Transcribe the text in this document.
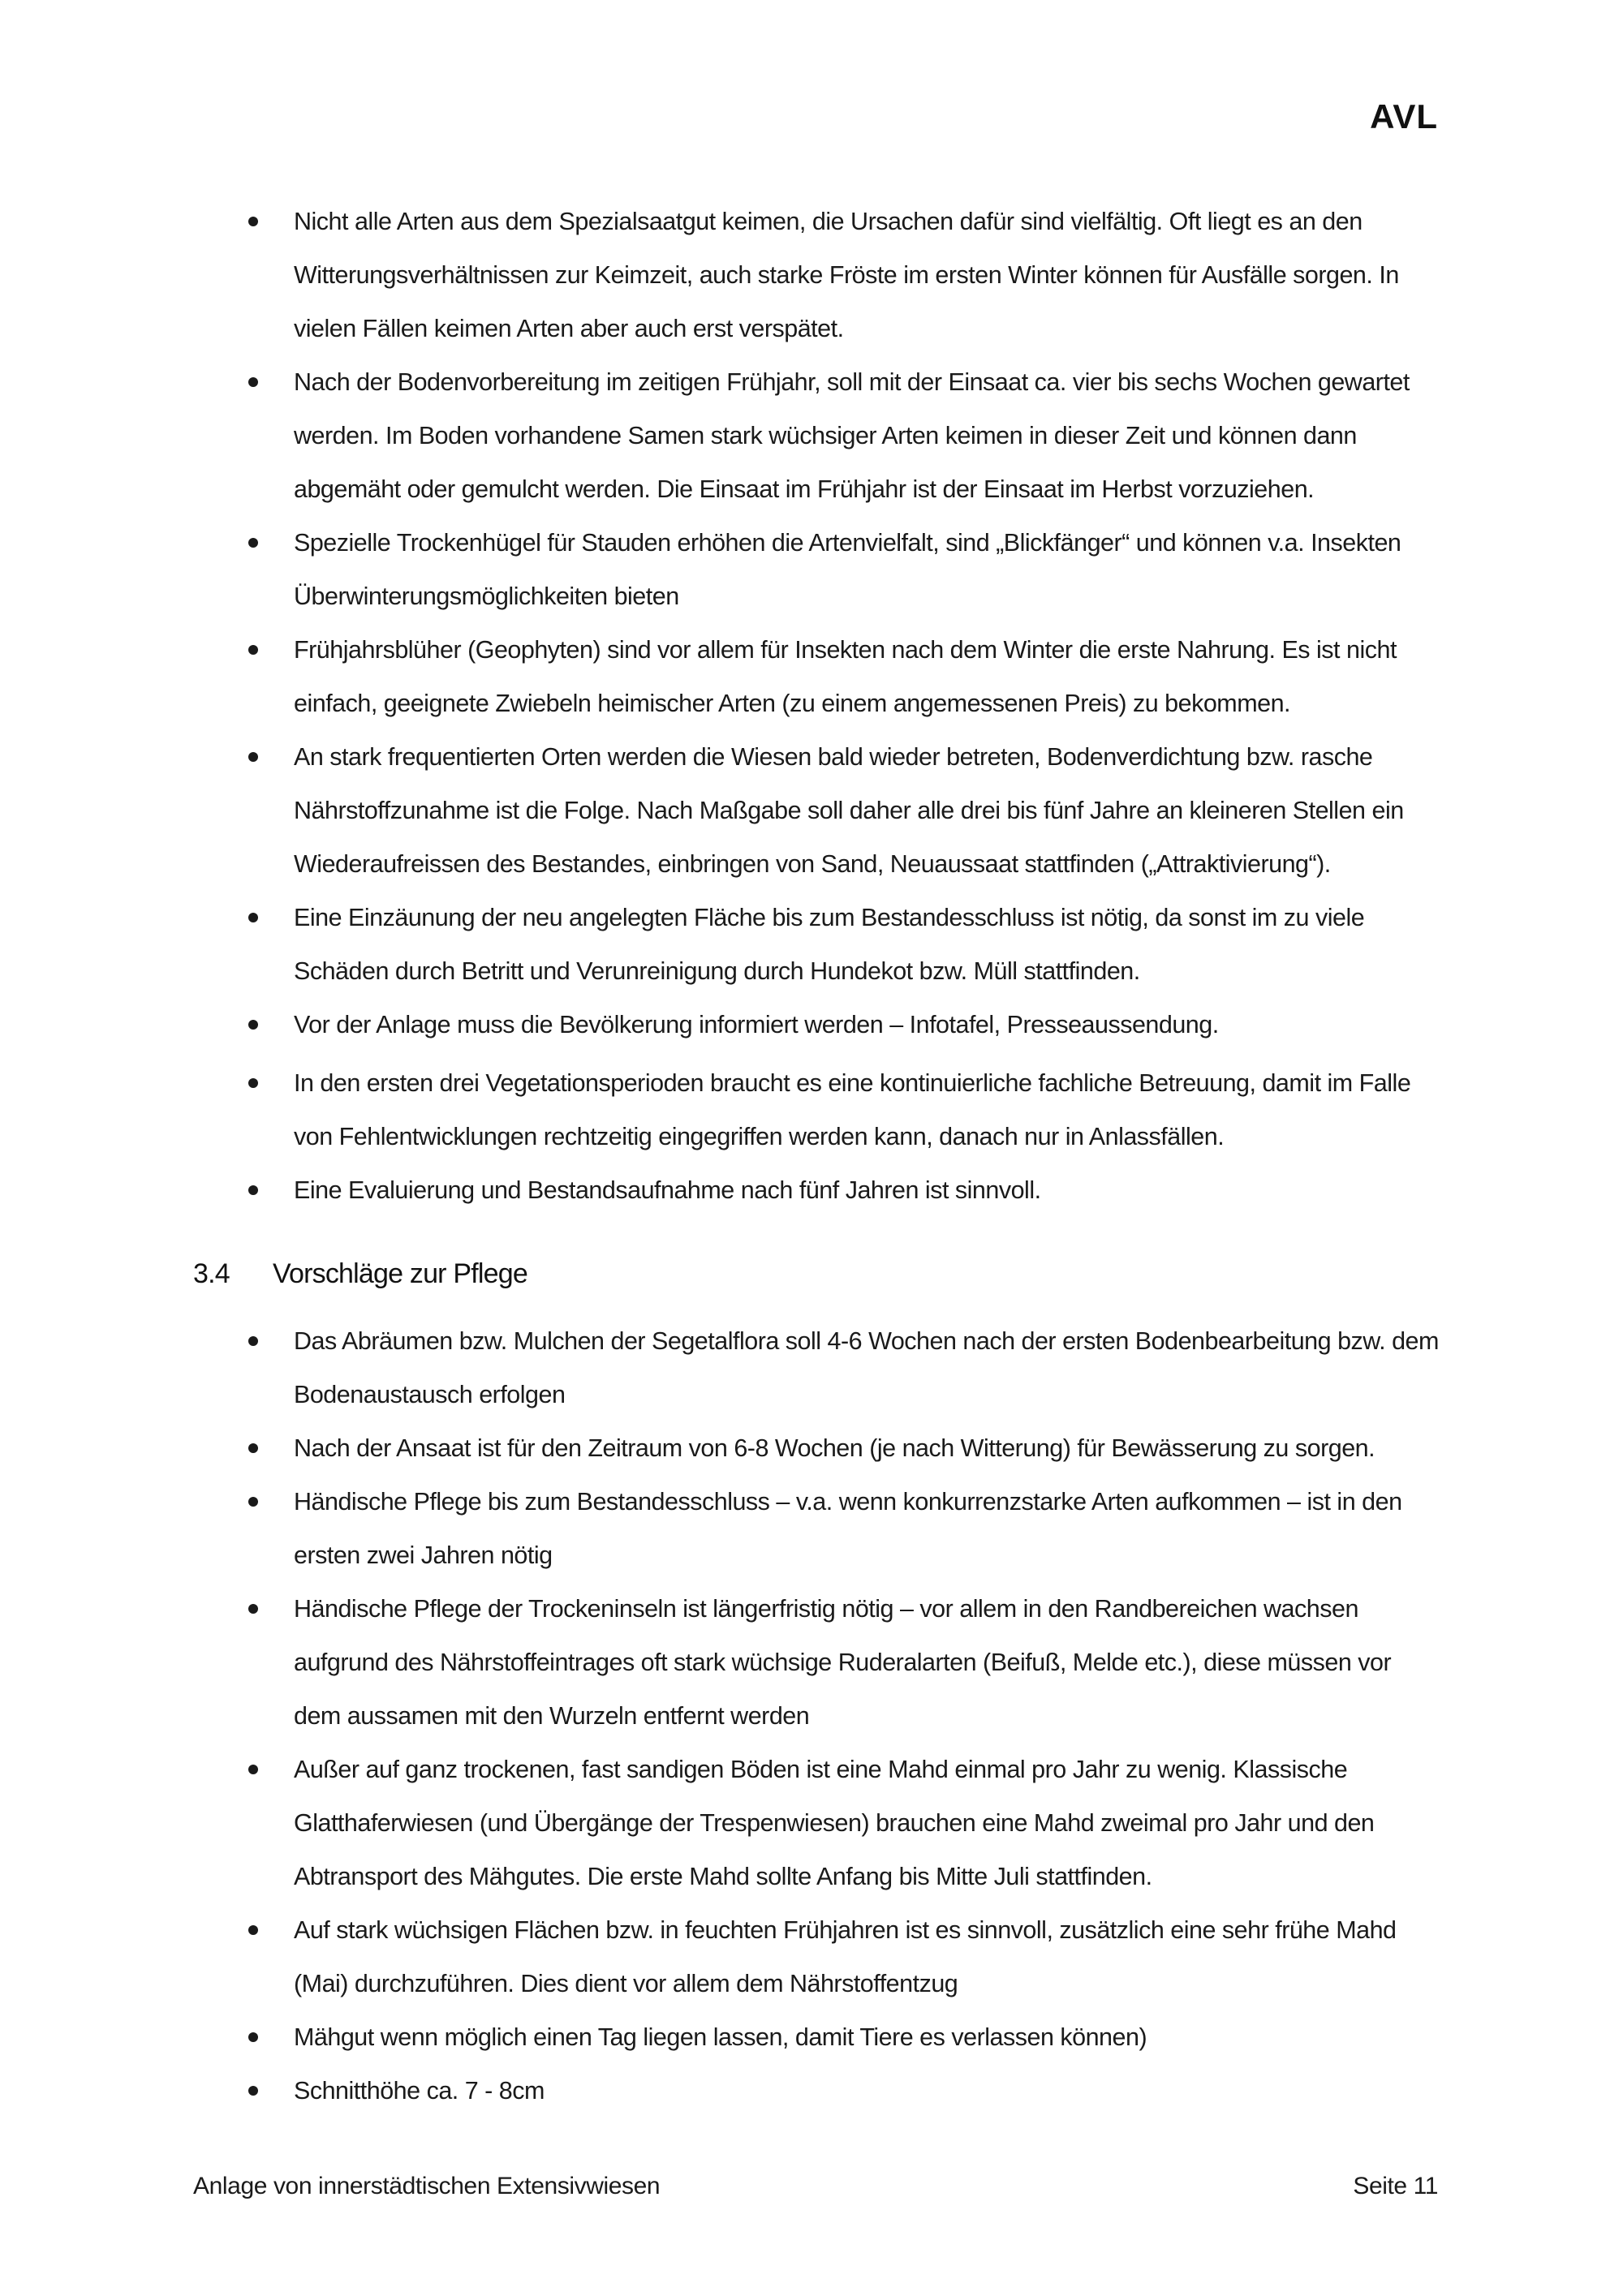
AVL
Nicht alle Arten aus dem Spezialsaatgut keimen, die Ursachen dafür sind vielfältig. Oft liegt es an den Witterungsverhältnissen zur Keimzeit, auch starke Fröste im ersten Winter können für Ausfälle sorgen. In vielen Fällen keimen Arten aber auch erst verspätet.
Nach der Bodenvorbereitung im zeitigen Frühjahr, soll mit der Einsaat ca. vier bis sechs Wochen gewartet werden. Im Boden vorhandene Samen stark wüchsiger Arten keimen in dieser Zeit und können dann abgemäht oder gemulcht werden. Die Einsaat im Frühjahr ist der Einsaat im Herbst vorzuziehen.
Spezielle Trockenhügel für Stauden erhöhen die Artenvielfalt, sind „Blickfänger“ und können v.a. Insekten Überwinterungsmöglichkeiten bieten
Frühjahrsblüher (Geophyten) sind vor allem für Insekten nach dem Winter die erste Nahrung. Es ist nicht einfach, geeignete Zwiebeln heimischer Arten (zu einem angemessenen Preis) zu bekommen.
An stark frequentierten Orten werden die Wiesen bald wieder betreten, Bodenverdichtung bzw. rasche Nährstoffzunahme ist die Folge. Nach Maßgabe soll daher alle drei bis fünf Jahre an kleineren Stellen ein Wiederaufreissen des Bestandes, einbringen von Sand, Neuaussaat stattfinden („Attraktivierung“).
Eine Einzäunung der neu angelegten Fläche bis zum Bestandesschluss ist nötig, da sonst im zu viele Schäden durch Betritt und Verunreinigung durch Hundekot bzw. Müll stattfinden.
Vor der Anlage muss die Bevölkerung informiert werden – Infotafel, Presseaussendung.
In den ersten drei Vegetationsperioden braucht es eine kontinuierliche fachliche Betreuung, damit im Falle von Fehlentwicklungen rechtzeitig eingegriffen werden kann, danach nur in Anlassfällen.
Eine Evaluierung und Bestandsaufnahme nach fünf Jahren ist sinnvoll.
3.4	Vorschläge zur Pflege
Das Abräumen bzw. Mulchen der Segetalflora soll 4-6 Wochen nach der ersten Bodenbearbeitung bzw. dem Bodenaustausch erfolgen
Nach der Ansaat ist für den Zeitraum von 6-8 Wochen (je nach Witterung) für Bewässerung zu sorgen.
Händische Pflege bis zum Bestandesschluss – v.a. wenn konkurrenzstarke Arten aufkommen – ist in den ersten zwei Jahren nötig
Händische Pflege der Trockeninseln ist längerfristig nötig – vor allem in den Randbereichen wachsen aufgrund des Nährstoffeintrages oft stark wüchsige Ruderalarten (Beifuß, Melde etc.), diese müssen vor dem aussamen mit den Wurzeln entfernt werden
Außer auf ganz trockenen, fast sandigen Böden ist eine Mahd einmal pro Jahr zu wenig. Klassische Glatthaferwiesen (und Übergänge der Trespenwiesen) brauchen eine Mahd zweimal pro Jahr und den Abtransport des Mähgutes. Die erste Mahd sollte Anfang bis Mitte Juli stattfinden.
Auf stark wüchsigen Flächen bzw. in feuchten Frühjahren ist es sinnvoll, zusätzlich eine sehr frühe Mahd (Mai) durchzuführen. Dies dient vor allem dem Nährstoffentzug
Mähgut wenn möglich einen Tag liegen lassen, damit Tiere es verlassen können)
Schnitthöhe ca. 7 - 8cm
Anlage von innerstädtischen Extensivwiesen	Seite 11
